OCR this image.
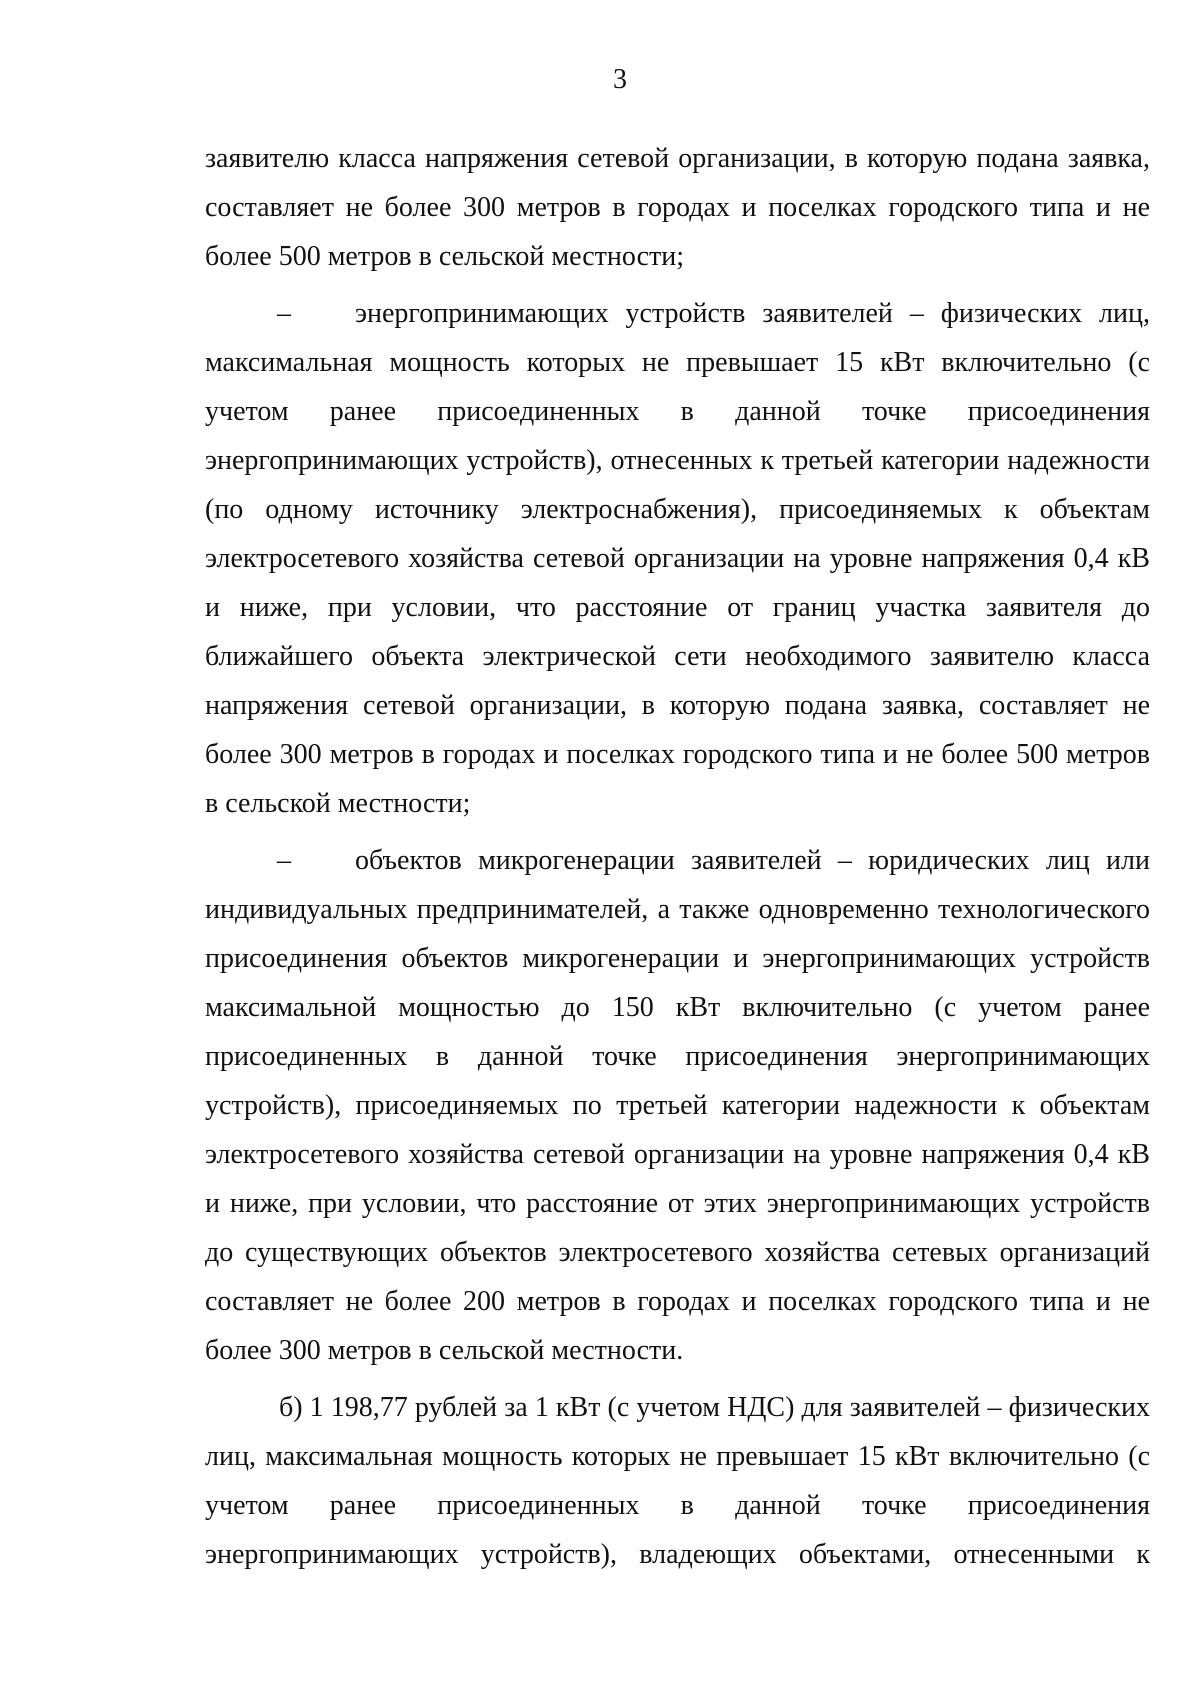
3
заявителю класса напряжения сетевой организации, в которую подана заявка,
составляет не более 300 метров в городах и поселках городского типа и не
более 500 метров в сельской местности;
–	энергопринимающих устройств заявителей – физических лиц,
максимальная мощность которых не превышает 15 кВт включительно (с
учетом ранее присоединенных в данной точке присоединения
энергопринимающих устройств), отнесенных к третьей категории надежности
(по одному источнику электроснабжения), присоединяемых к объектам
электросетевого хозяйства сетевой организации на уровне напряжения 0,4 кВ
и ниже, при условии, что расстояние от границ участка заявителя до
ближайшего объекта электрической сети необходимого заявителю класса
напряжения сетевой организации, в которую подана заявка, составляет не
более 300 метров в городах и поселках городского типа и не более 500 метров
в сельской местности;
–	объектов микрогенерации заявителей – юридических лиц или
индивидуальных предпринимателей, а также одновременно технологического
присоединения объектов микрогенерации и энергопринимающих устройств
максимальной мощностью до 150 кВт включительно (с учетом ранее
присоединенных в данной точке присоединения энергопринимающих
устройств), присоединяемых по третьей категории надежности к объектам
электросетевого хозяйства сетевой организации на уровне напряжения 0,4 кВ
и ниже, при условии, что расстояние от этих энергопринимающих устройств
до существующих объектов электросетевого хозяйства сетевых организаций
составляет не более 200 метров в городах и поселках городского типа и не
более 300 метров в сельской местности.
б) 1 198,77 рублей за 1 кВт (с учетом НДС) для заявителей – физических
лиц, максимальная мощность которых не превышает 15 кВт включительно (с
учетом ранее присоединенных в данной точке присоединения
энергопринимающих устройств), владеющих объектами, отнесенными к
